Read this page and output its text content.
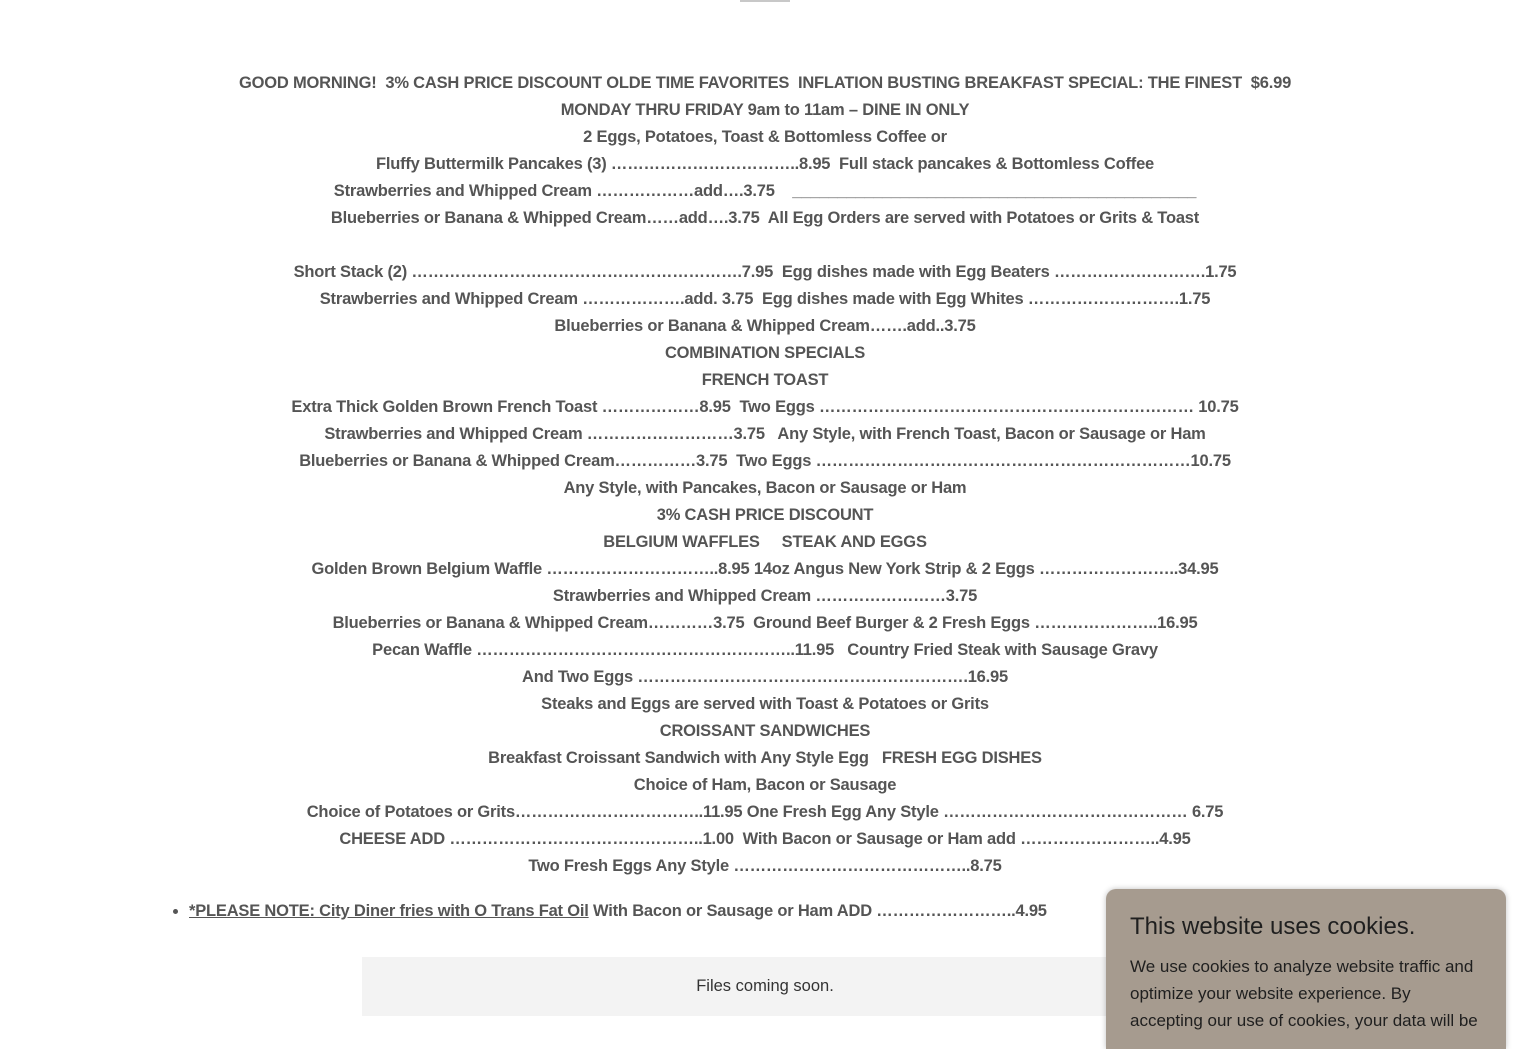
GOOD MORNING!  3% CASH PRICE DISCOUNT OLDE TIME FAVORITES  INFLATION BUSTING BREAKFAST SPECIAL: THE FINEST  $6.99
MONDAY THRU FRIDAY 9am to 11am – DINE IN ONLY
2 Eggs, Potatoes, Toast & Bottomless Coffee or
Fluffy Buttermilk Pancakes (3) ……………………………..8.95  Full stack pancakes & Bottomless Coffee
Strawberries and Whipped Cream ………………add….3.75    _____________________________________________
Blueberries or Banana & Whipped Cream……add….3.75  All Egg Orders are served with Potatoes or Grits & Toast
Short Stack (2) …………………………………………………….7.95  Egg dishes made with Egg Beaters ……………………….1.75
Strawberries and Whipped Cream ……………….add. 3.75  Egg dishes made with Egg Whites ……………………….1.75
Blueberries or Banana & Whipped Cream…….add..3.75
COMBINATION SPECIALS
FRENCH TOAST
Extra Thick Golden Brown French Toast ………………8.95  Two Eggs …………………………………………………………… 10.75
Strawberries and Whipped Cream ………………………3.75   Any Style, with French Toast, Bacon or Sausage or Ham
Blueberries or Banana & Whipped Cream……………3.75  Two Eggs ……………………………………………………………10.75
Any Style, with Pancakes, Bacon or Sausage or Ham
3% CASH PRICE DISCOUNT
BELGIUM WAFFLES     STEAK AND EGGS
Golden Brown Belgium Waffle …………………………..8.95 14oz Angus New York Strip & 2 Eggs ……………………..34.95
Strawberries and Whipped Cream ……………………3.75
Blueberries or Banana & Whipped Cream…………3.75  Ground Beef Burger & 2 Fresh Eggs …………………..16.95
Pecan Waffle …………………………………………………..11.95   Country Fried Steak with Sausage Gravy
And Two Eggs …………………………………………………….16.95
Steaks and Eggs are served with Toast & Potatoes or Grits
CROISSANT SANDWICHES
Breakfast Croissant Sandwich with Any Style Egg   FRESH EGG DISHES
Choice of Ham, Bacon or Sausage
Choice of Potatoes or Grits……………………………..11.95 One Fresh Egg Any Style ……………………………………… 6.75
CHEESE ADD ………………………………………..1.00  With Bacon or Sausage or Ham add ……………………..4.95
Two Fresh Eggs Any Style ……………………………………..8.75
• *PLEASE NOTE: City Diner fries with O Trans Fat Oil With Bacon or Sausage or Ham ADD ……………………..4.95
Files coming soon.
This website uses cookies.

We use cookies to analyze website traffic and optimize your website experience. By accepting our use of cookies, your data will be
